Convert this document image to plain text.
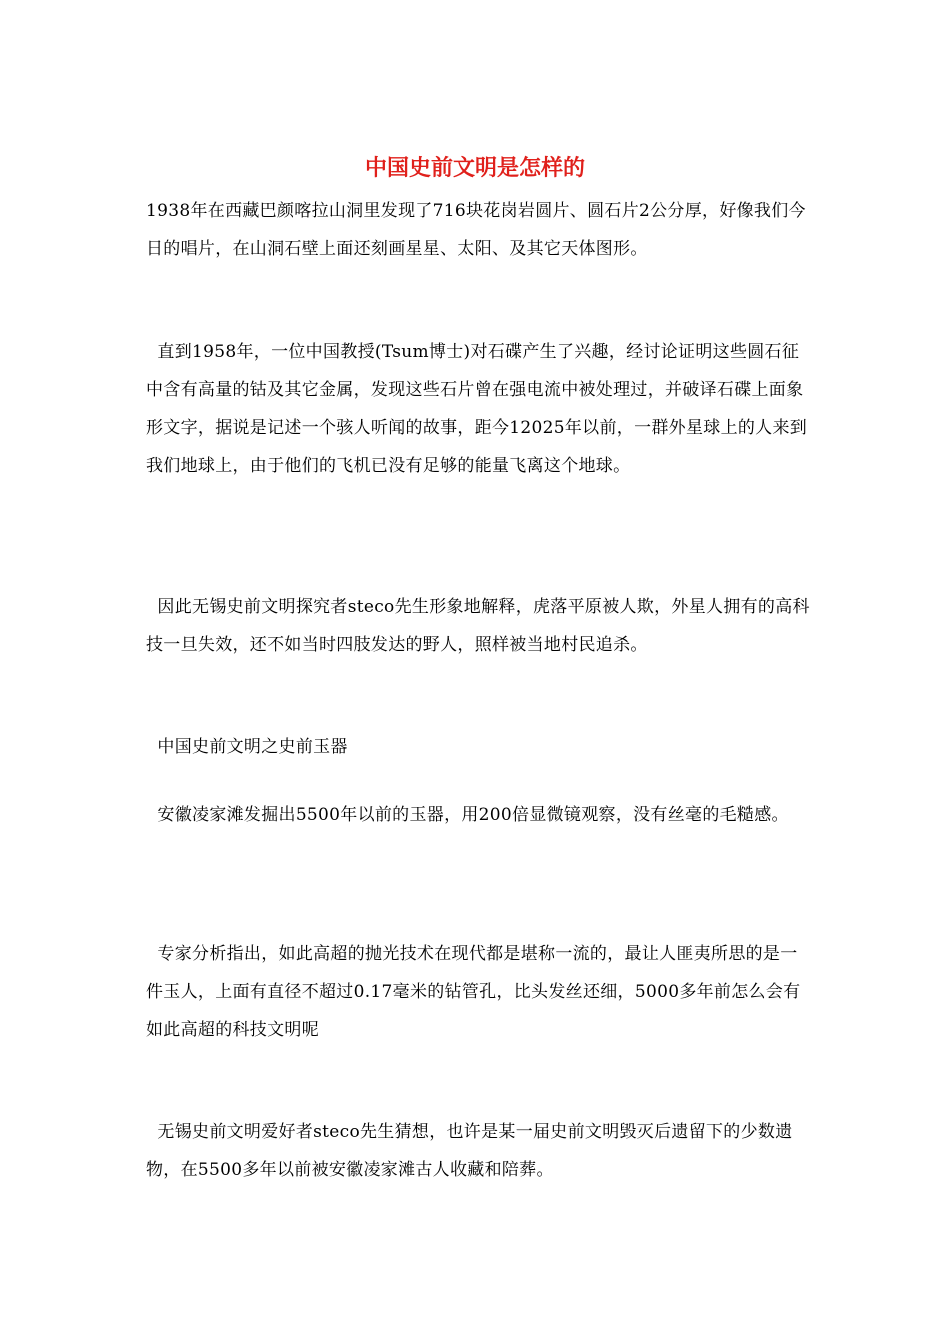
中国史前文明是怎样的

1938年在西藏巴颜喀拉山洞里发现了716块花岗岩圆片、圆石片2公分厚，好像我们今日的唱片，在山洞石壁上面还刻画星星、太阳、及其它天体图形。

直到1958年，一位中国教授(Tsum博士)对石碟产生了兴趣，经讨论证明这些圆石征中含有高量的钴及其它金属，发现这些石片曾在强电流中被处理过，并破译石碟上面象形文字，据说是记述一个骇人听闻的故事，距今12025年以前，一群外星球上的人来到我们地球上，由于他们的飞机已没有足够的能量飞离这个地球。

因此无锡史前文明探究者steco先生形象地解释，虎落平原被人欺，外星人拥有的高科技一旦失效，还不如当时四肢发达的野人，照样被当地村民追杀。

中国史前文明之史前玉器

安徽凌家滩发掘出5500年以前的玉器，用200倍显微镜观察，没有丝毫的毛糙感。

专家分析指出，如此高超的抛光技术在现代都是堪称一流的，最让人匪夷所思的是一件玉人，上面有直径不超过0.17毫米的钻管孔，比头发丝还细，5000多年前怎么会有如此高超的科技文明呢

无锡史前文明爱好者steco先生猜想，也许是某一届史前文明毁灭后遗留下的少数遗物，在5500多年以前被安徽凌家滩古人收藏和陪葬。
